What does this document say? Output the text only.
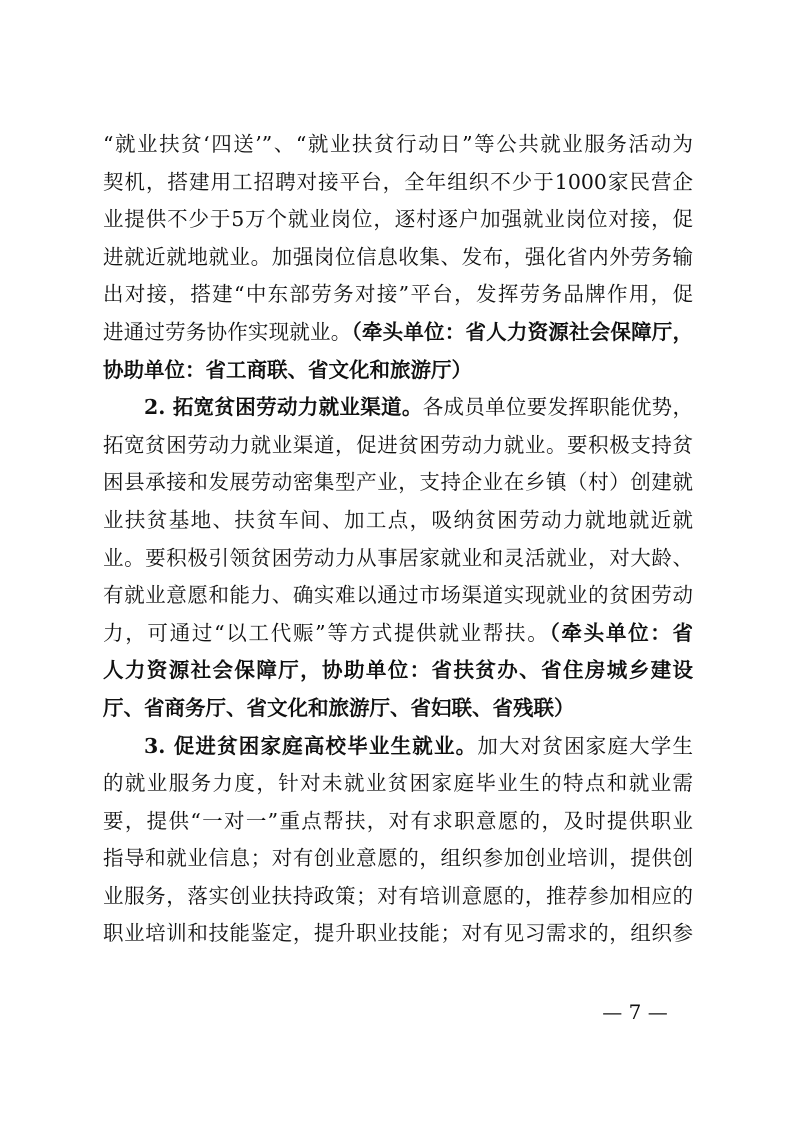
“就业扶贫‘四送’”、“就业扶贫行动日”等公共就业服务活动为
契机，搭建用工招聘对接平台，全年组织不少于1000家民营企
业提供不少于5万个就业岗位，逐村逐户加强就业岗位对接，促
进就近就地就业。加强岗位信息收集、发布，强化省内外劳务输
出对接，搭建“中东部劳务对接”平台，发挥劳务品牌作用，促
进通过劳务协作实现就业。（牵头单位：省人力资源社会保障厅，
协助单位：省工商联、省文化和旅游厅）
2. 拓宽贫困劳动力就业渠道。各成员单位要发挥职能优势，
拓宽贫困劳动力就业渠道，促进贫困劳动力就业。要积极支持贫
困县承接和发展劳动密集型产业，支持企业在乡镇（村）创建就
业扶贫基地、扶贫车间、加工点，吸纳贫困劳动力就地就近就
业。要积极引领贫困劳动力从事居家就业和灵活就业，对大龄、
有就业意愿和能力、确实难以通过市场渠道实现就业的贫困劳动
力，可通过“以工代赈”等方式提供就业帮扶。（牵头单位：省
人力资源社会保障厅，协助单位：省扶贫办、省住房城乡建设
厅、省商务厅、省文化和旅游厅、省妇联、省残联）
3. 促进贫困家庭高校毕业生就业。加大对贫困家庭大学生
的就业服务力度，针对未就业贫困家庭毕业生的特点和就业需
要，提供“一对一”重点帮扶，对有求职意愿的，及时提供职业
指导和就业信息；对有创业意愿的，组织参加创业培训，提供创
业服务，落实创业扶持政策；对有培训意愿的，推荐参加相应的
职业培训和技能鉴定，提升职业技能；对有见习需求的，组织参
— 7 —
